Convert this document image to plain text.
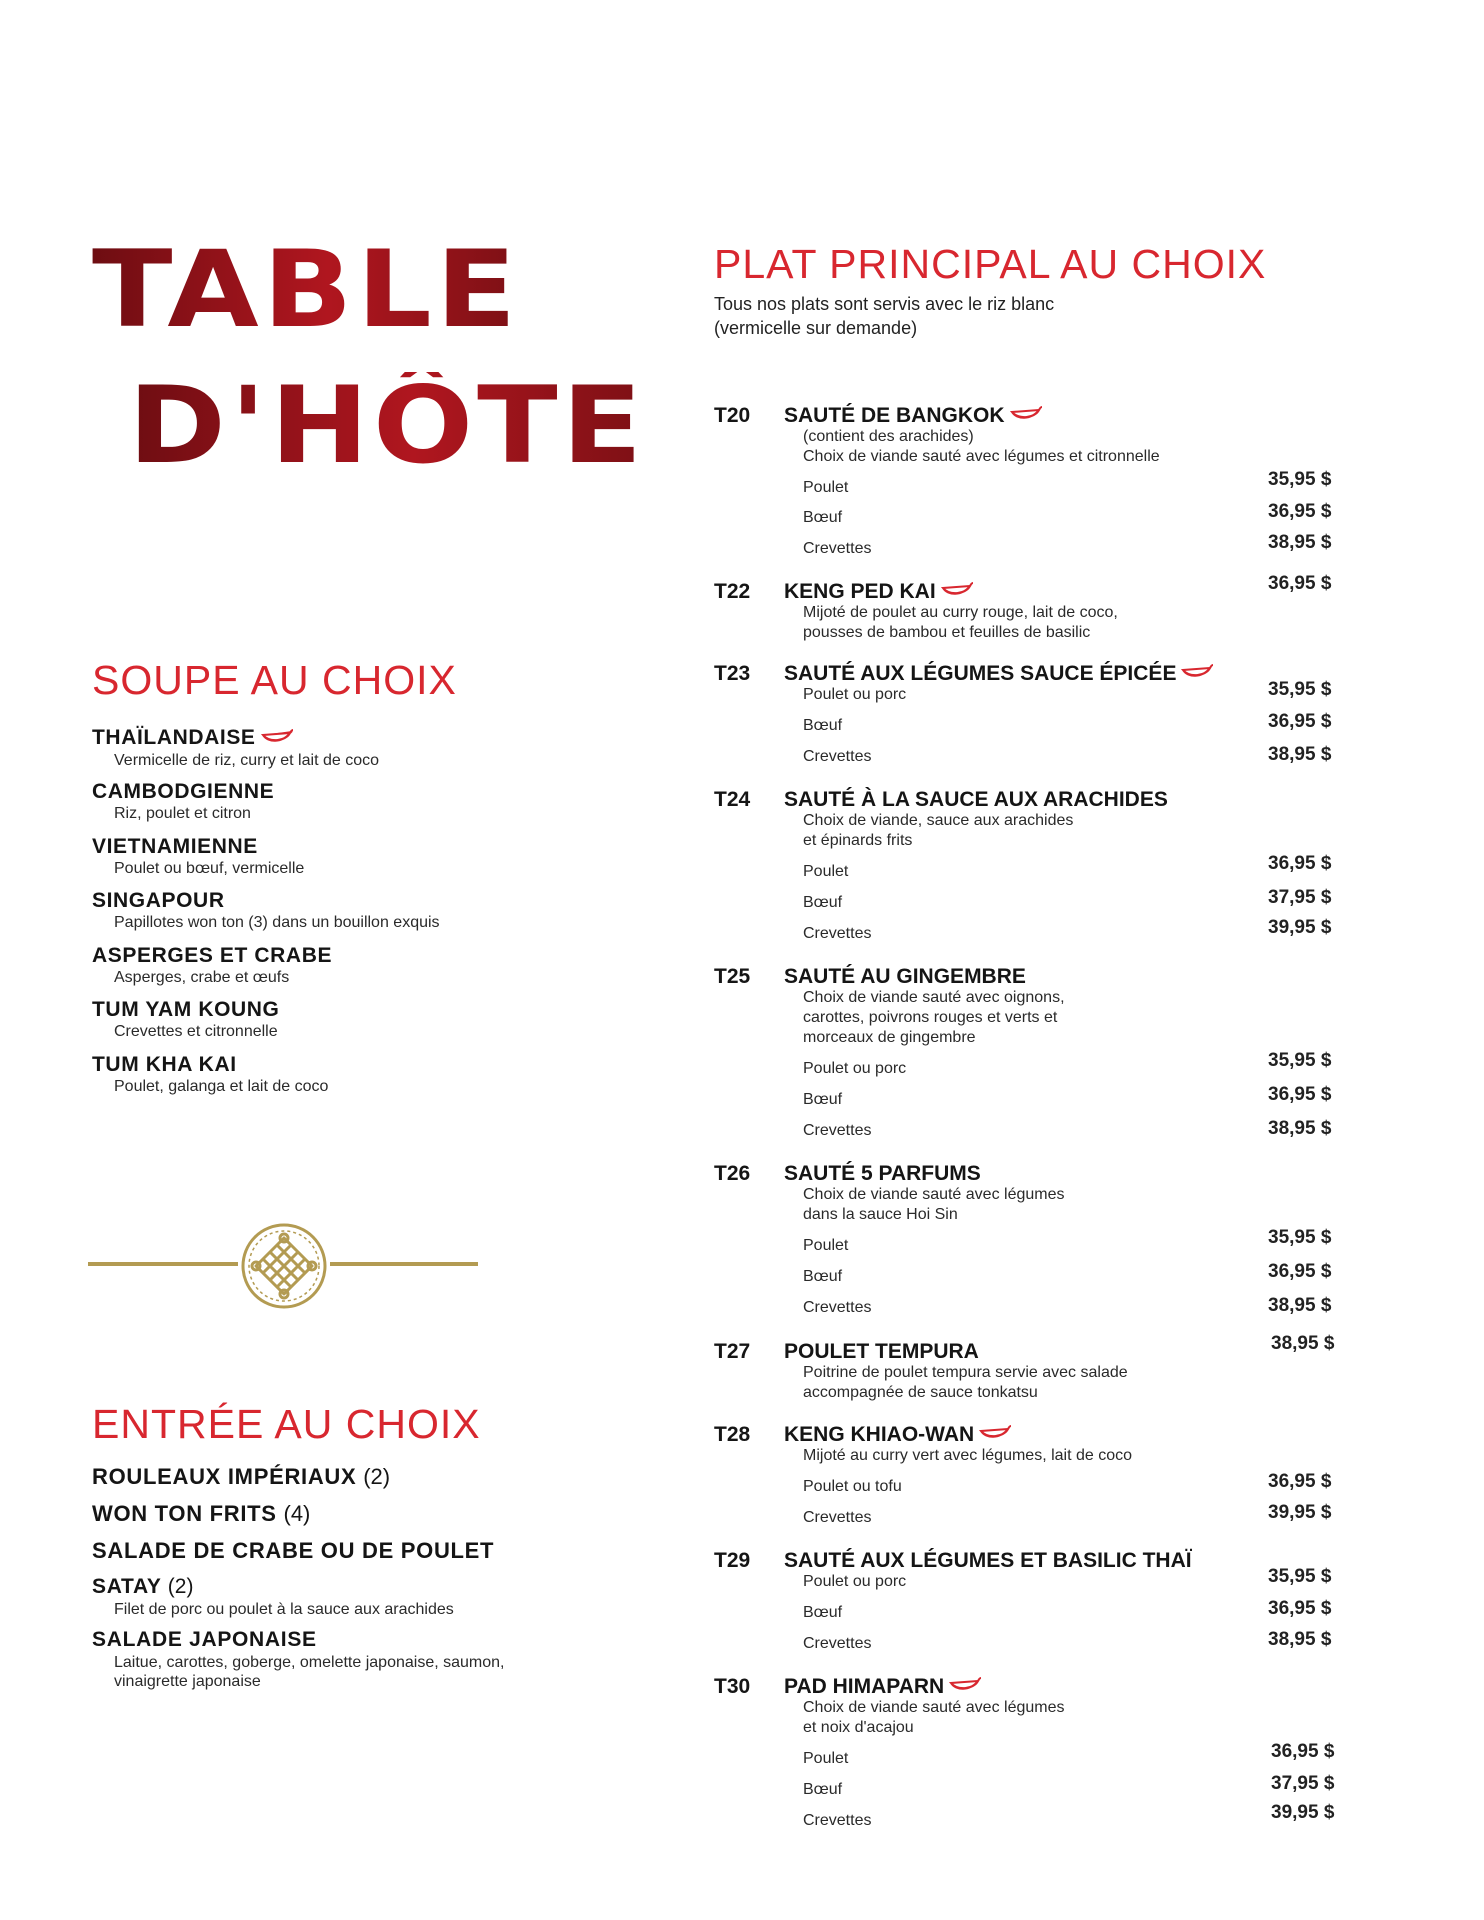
TABLE
D'HÔTE
SOUPE AU CHOIX
THAÏLANDAISE
Vermicelle de riz, curry et lait de coco
CAMBODGIENNE
Riz, poulet et citron
VIETNAMIENNE
Poulet ou bœuf, vermicelle
SINGAPOUR
Papillotes won ton (3) dans un bouillon exquis
ASPERGES ET CRABE
Asperges, crabe et œufs
TUM YAM KOUNG
Crevettes et citronnelle
TUM KHA KAI
Poulet, galanga et lait de coco
ENTRÉE AU CHOIX
ROULEAUX IMPÉRIAUX (2)
WON TON FRITS (4)
SALADE DE CRABE OU DE POULET
SATAY (2)
Filet de porc ou poulet à la sauce aux arachides
SALADE JAPONAISE
Laitue, carottes, goberge, omelette japonaise, saumon,
vinaigrette japonaise
PLAT PRINCIPAL AU CHOIX

Tous nos plats sont servis avec le riz blanc

(vermicelle sur demande)

T20 SAUTÉ DE BANGKOK
(contient des arachides)
Choix de viande sauté avec légumes et citronnelle
Poulet	35,95 $
Bœuf	36,95 $
Crevettes	38,95 $
T22 KENG PED KAI	36,95 $
Mijoté de poulet au curry rouge, lait de coco,
pousses de bambou et feuilles de basilic
T23 SAUTÉ AUX LÉGUMES SAUCE ÉPICÉE
Poulet ou porc	35,95 $
Bœuf	36,95 $
Crevettes	38,95 $
T24 SAUTÉ À LA SAUCE AUX ARACHIDES
Choix de viande, sauce aux arachides
et épinards frits
Poulet	36,95 $
Bœuf	37,95 $
Crevettes	39,95 $
T25 SAUTÉ AU GINGEMBRE
Choix de viande sauté avec oignons,
carottes, poivrons rouges et verts et
morceaux de gingembre
Poulet ou porc	35,95 $
Bœuf	36,95 $
Crevettes	38,95 $
T26 SAUTÉ 5 PARFUMS
Choix de viande sauté avec légumes
dans la sauce Hoi Sin
Poulet	35,95 $
Bœuf	36,95 $
Crevettes	38,95 $
T27 POULET TEMPURA	38,95 $
Poitrine de poulet tempura servie avec salade
accompagnée de sauce tonkatsu
T28 KENG KHIAO-WAN
Mijoté au curry vert avec légumes, lait de coco
Poulet ou tofu	36,95 $
Crevettes	39,95 $
T29 SAUTÉ AUX LÉGUMES ET BASILIC THAÏ
Poulet ou porc	35,95 $
Bœuf	36,95 $
Crevettes	38,95 $
T30 PAD HIMAPARN
Choix de viande sauté avec légumes
et noix d'acajou
Poulet	36,95 $
Bœuf	37,95 $
Crevettes	39,95 $
